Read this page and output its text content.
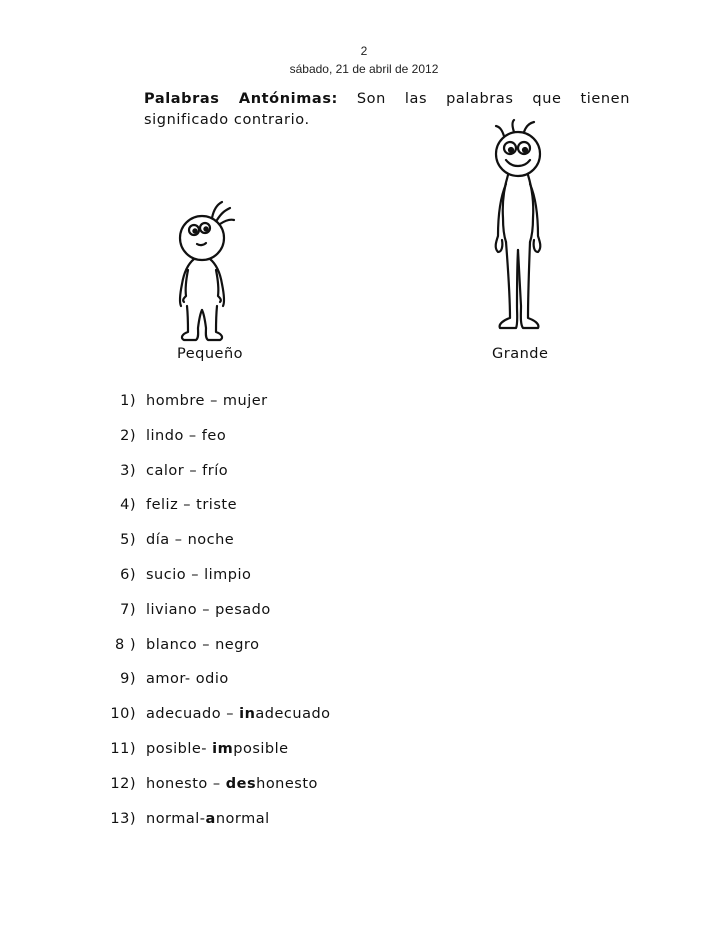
2
sábado, 21 de abril de 2012
Palabras Antónimas: Son las palabras que tienen significado contrario.
Pequeño	Grande
1) hombre – mujer
2) lindo – feo
3) calor – frío
4) feliz – triste
5) día – noche
6) sucio – limpio
7) liviano – pesado
8 ) blanco – negro
9) amor- odio
10) adecuado – inadecuado
11) posible- imposible
12) honesto – deshonesto
13) normal-anormal
